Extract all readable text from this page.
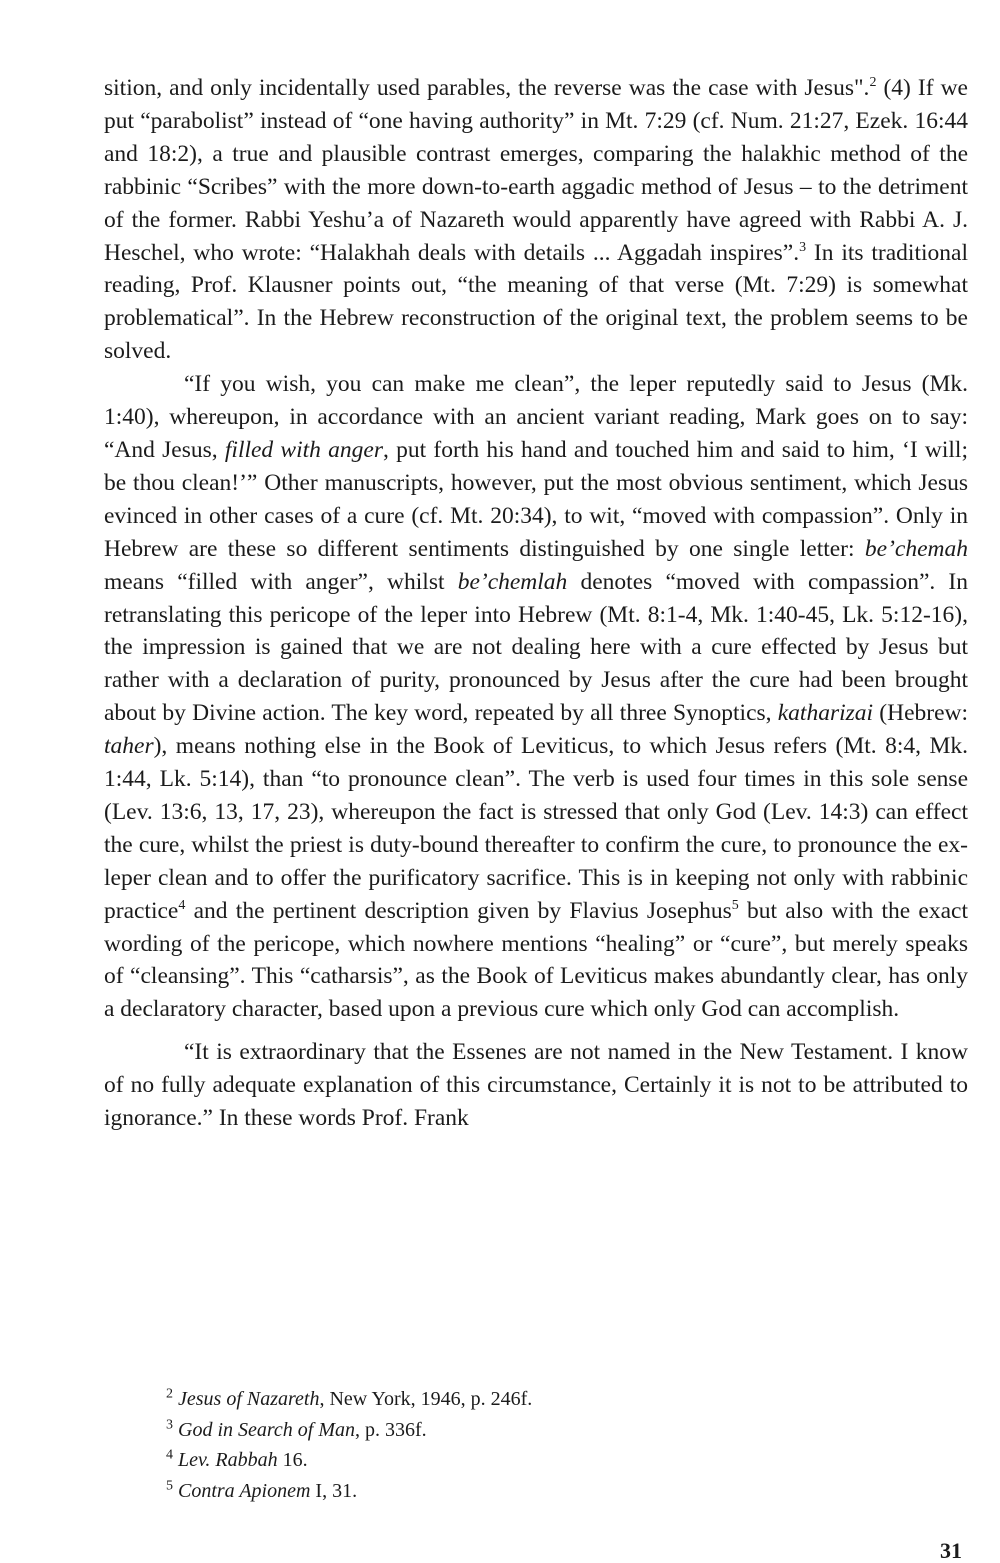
sition, and only incidentally used parables, the reverse was the case with Jesus".$^2$ (4) If we put “parabolist” instead of “one having authority” in Mt. 7:29 (cf. Num. 21:27, Ezek. 16:44 and 18:2), a true and plausible contrast emerges, comparing the halakhic method of the rabbinic “Scribes” with the more down-to-earth aggadic method of Jesus – to the detriment of the former. Rabbi Yeshu’a of Nazareth would apparently have agreed with Rabbi A. J. Heschel, who wrote: “Halakhah deals with details ... Aggadah inspires”.$^3$ In its traditional reading, Prof. Klausner points out, “the meaning of that verse (Mt. 7:29) is somewhat problematical”. In the Hebrew reconstruction of the original text, the problem seems to be solved.

“If you wish, you can make me clean”, the leper reputedly said to Jesus (Mk. 1:40), whereupon, in accordance with an ancient variant reading, Mark goes on to say: “And Jesus, filled with anger, put forth his hand and touched him and said to him, ‘I will; be thou clean!’” Other manuscripts, however, put the most obvious sentiment, which Jesus evinced in other cases of a cure (cf. Mt. 20:34), to wit, “moved with compassion”. Only in Hebrew are these so different sentiments distinguished by one single letter: be’chemah means “filled with anger”, whilst be’chemlah denotes “moved with compassion”. In retranslating this pericope of the leper into Hebrew (Mt. 8:1-4, Mk. 1:40-45, Lk. 5:12-16), the impression is gained that we are not dealing here with a cure effected by Jesus but rather with a declaration of purity, pronounced by Jesus after the cure had been brought about by Divine action. The key word, repeated by all three Synoptics, katharizai (Hebrew: taher), means nothing else in the Book of Leviticus, to which Jesus refers (Mt. 8:4, Mk. 1:44, Lk. 5:14), than “to pronounce clean”. The verb is used four times in this sole sense (Lev. 13:6, 13, 17, 23), whereupon the fact is stressed that only God (Lev. 14:3) can effect the cure, whilst the priest is duty-bound thereafter to confirm the cure, to pronounce the ex-leper clean and to offer the purificatory sacrifice. This is in keeping not only with rabbinic practice$^4$ and the pertinent description given by Flavius Josephus$^5$ but also with the exact wording of the pericope, which nowhere mentions “healing” or “cure”, but merely speaks of “cleansing”. This “catharsis”, as the Book of Leviticus makes abundantly clear, has only a declaratory character, based upon a previous cure which only God can accomplish.

“It is extraordinary that the Essenes are not named in the New Testament. I know of no fully adequate explanation of this circumstance, Certainly it is not to be attributed to ignorance.” In these words Prof. Frank

$^2$ Jesus of Nazareth, New York, 1946, p. 246f.

$^3$ God in Search of Man, p. 336f.

$^4$ Lev. Rabbah 16.

$^5$ Contra Apionem I, 31.

31
